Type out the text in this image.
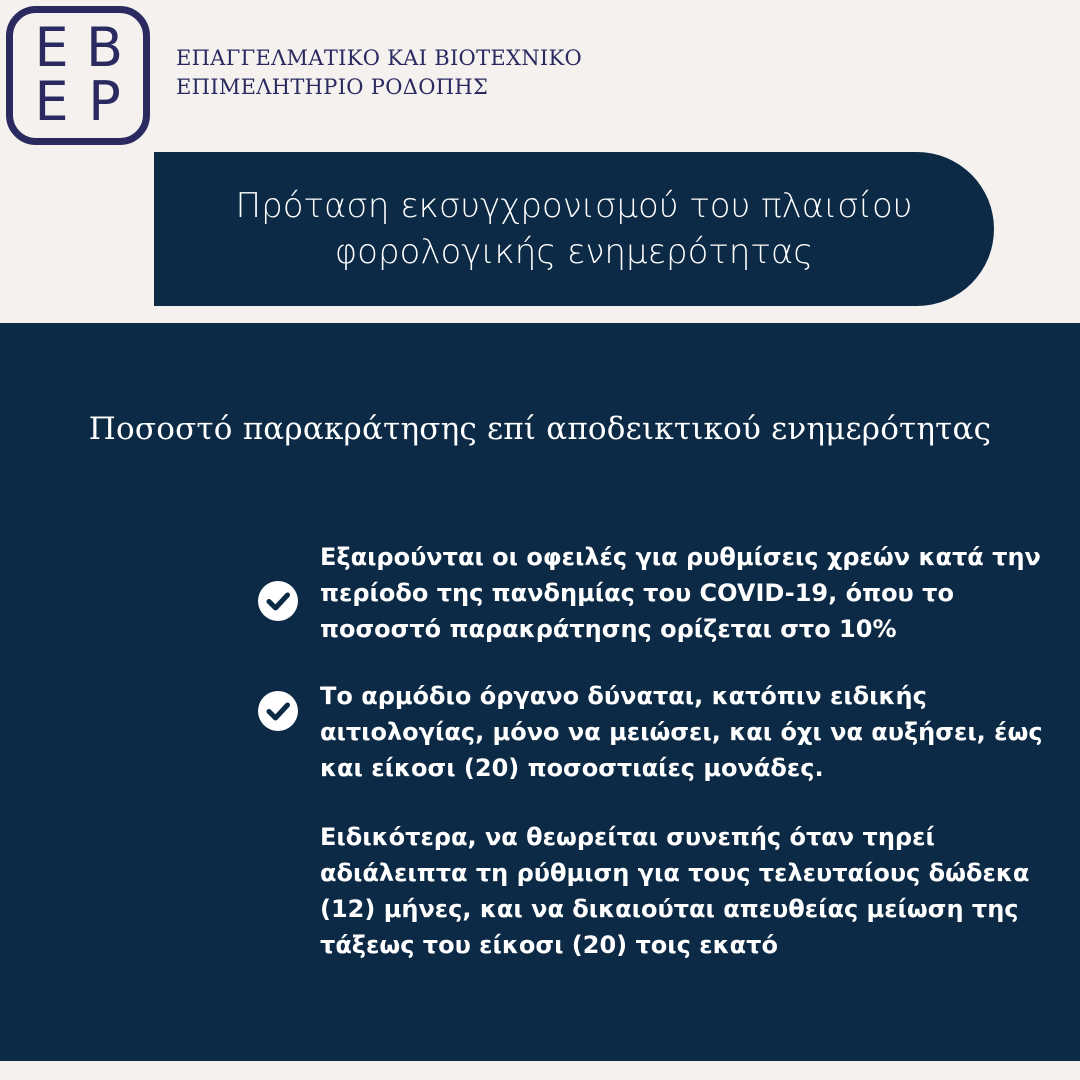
Ε Β
Ε Ρ
ΕΠΑΓΓΕΛΜΑΤΙΚΟ ΚΑΙ ΒΙΟΤΕΧΝΙΚΟ
ΕΠΙΜΕΛΗΤΗΡΙΟ ΡΟΔΟΠΗΣ
Πρόταση εκσυγχρονισμού του πλαισίου
φορολογικής ενημερότητας
Ποσοστό παρακράτησης επί αποδεικτικού ενημερότητας
Εξαιρούνται οι οφειλές για ρυθμίσεις χρεών κατά την περίοδο της πανδημίας του COVID-19, όπου το ποσοστό παρακράτησης ορίζεται στο 10%
Το αρμόδιο όργανο δύναται, κατόπιν ειδικής αιτιολογίας, μόνο να μειώσει, και όχι να αυξήσει, έως και είκοσι (20) ποσοστιαίες μονάδες.
Ειδικότερα, να θεωρείται συνεπής όταν τηρεί αδιάλειπτα τη ρύθμιση για τους τελευταίους δώδεκα (12) μήνες, και να δικαιούται απευθείας μείωση της τάξεως του είκοσι (20) τοις εκατό
